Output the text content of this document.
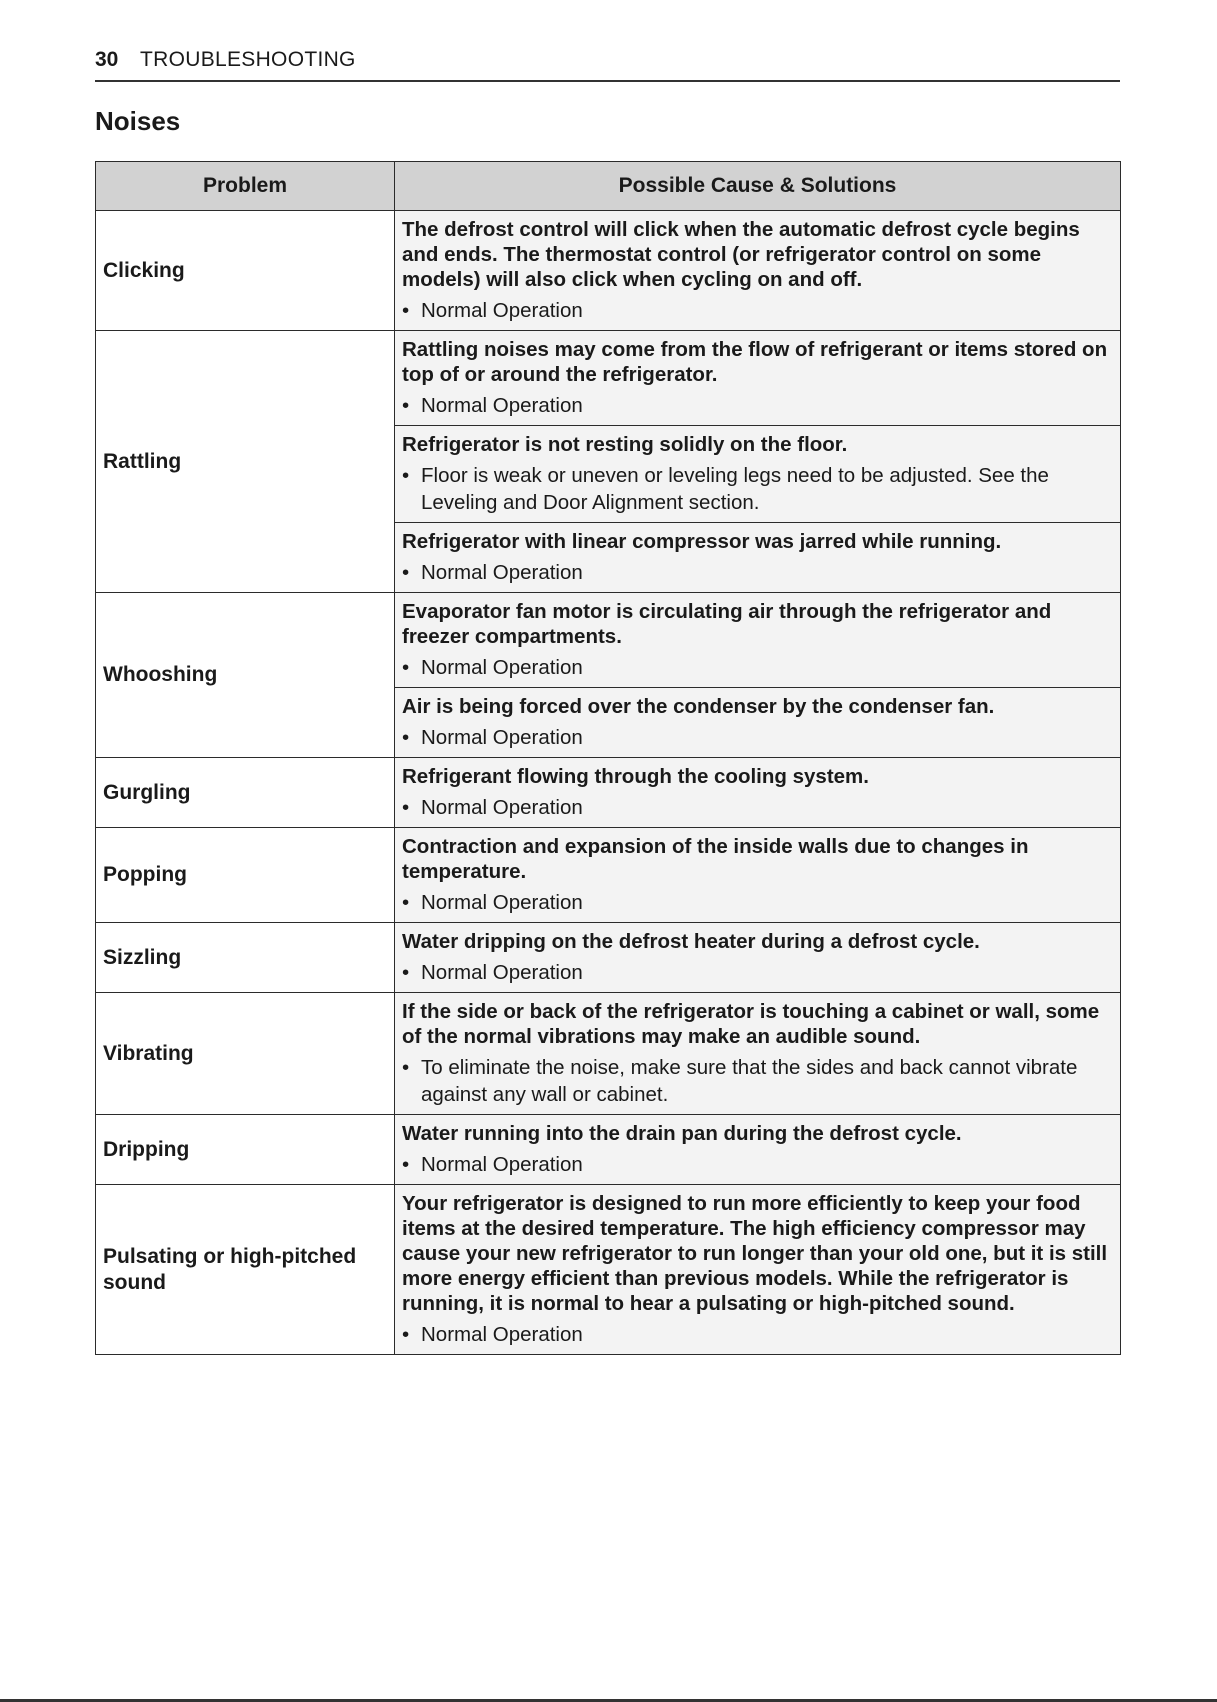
30 TROUBLESHOOTING
Noises
Problem	Possible Cause & Solutions
Clicking	The defrost control will click when the automatic defrost cycle begins and ends. The thermostat control (or refrigerator control on some models) will also click when cycling on and off.

• Normal Operation

Rattling	Rattling noises may come from the flow of refrigerant or items stored on top of or around the refrigerator.

• Normal Operation

	Refrigerator is not resting solidly on the floor.

• Floor is weak or uneven or leveling legs need to be adjusted. See the Leveling and Door Alignment section.

	Refrigerator with linear compressor was jarred while running.

• Normal Operation

Whooshing	Evaporator fan motor is circulating air through the refrigerator and freezer compartments.

• Normal Operation

	Air is being forced over the condenser by the condenser fan.

• Normal Operation

Gurgling	Refrigerant flowing through the cooling system.

• Normal Operation

Popping	Contraction and expansion of the inside walls due to changes in temperature.

• Normal Operation

Sizzling	Water dripping on the defrost heater during a defrost cycle.

• Normal Operation

Vibrating	If the side or back of the refrigerator is touching a cabinet or wall, some of the normal vibrations may make an audible sound.

• To eliminate the noise, make sure that the sides and back cannot vibrate against any wall or cabinet.

Dripping	Water running into the drain pan during the defrost cycle.

• Normal Operation

Pulsating or high-pitched sound	Your refrigerator is designed to run more efficiently to keep your food items at the desired temperature. The high efficiency compressor may cause your new refrigerator to run longer than your old one, but it is still more energy efficient than previous models. While the refrigerator is running, it is normal to hear a pulsating or high-pitched sound.

• Normal Operation
